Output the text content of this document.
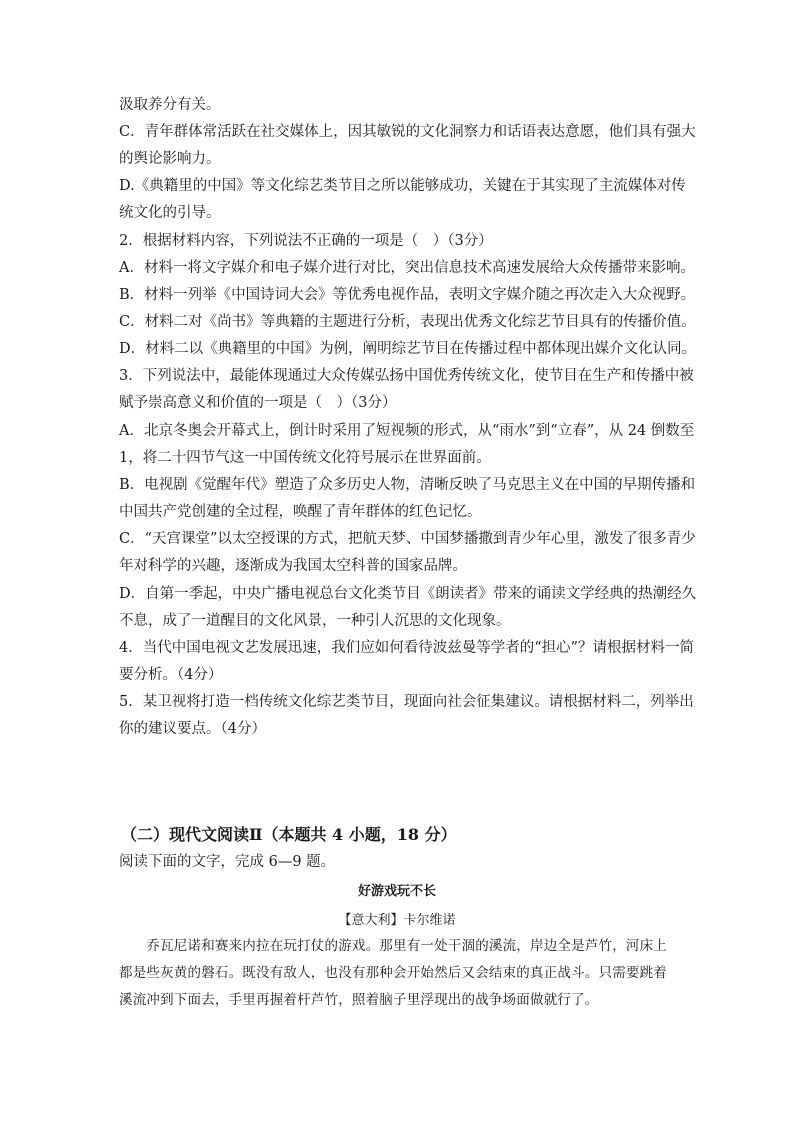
汲取养分有关。
C．青年群体常活跃在社交媒体上，因其敏锐的文化洞察力和话语表达意愿，他们具有强大
的舆论影响力。
D.《典籍里的中国》等文化综艺类节目之所以能够成功，关键在于其实现了主流媒体对传
统文化的引导。
2．根据材料内容，下列说法不正确的一项是（　）（3分）
A．材料一将文字媒介和电子媒介进行对比，突出信息技术高速发展给大众传播带来影响。
B．材料一列举《中国诗词大会》等优秀电视作品，表明文字媒介随之再次走入大众视野。
C．材料二对《尚书》等典籍的主题进行分析，表现出优秀文化综艺节目具有的传播价值。
D．材料二以《典籍里的中国》为例，阐明综艺节目在传播过程中都体现出媒介文化认同。
3．下列说法中，最能体现通过大众传媒弘扬中国优秀传统文化，使节目在生产和传播中被
赋予崇高意义和价值的一项是（　）（3分）
A．北京冬奥会开幕式上，倒计时采用了短视频的形式，从“雨水”到“立春”，从 24 倒数至
1，将二十四节气这一中国传统文化符号展示在世界面前。
B．电视剧《觉醒年代》塑造了众多历史人物，清晰反映了马克思主义在中国的早期传播和
中国共产党创建的全过程，唤醒了青年群体的红色记忆。
C．“天宫课堂”以太空授课的方式，把航天梦、中国梦播撒到青少年心里，激发了很多青少
年对科学的兴趣，逐渐成为我国太空科普的国家品牌。
D．自第一季起，中央广播电视总台文化类节目《朗读者》带来的诵读文学经典的热潮经久
不息，成了一道醒目的文化风景，一种引人沉思的文化现象。
4．当代中国电视文艺发展迅速，我们应如何看待波兹曼等学者的“担心”？请根据材料一简
要分析。（4分）
5．某卫视将打造一档传统文化综艺类节目，现面向社会征集建议。请根据材料二，列举出
你的建议要点。（4分）
（二）现代文阅读Ⅱ（本题共 4 小题，18 分）
阅读下面的文字，完成 6—9 题。
好游戏玩不长
【意大利】卡尔维诺
　　乔瓦尼诺和赛来内拉在玩打仗的游戏。那里有一处干涸的溪流，岸边全是芦竹，河床上
都是些灰黄的磐石。既没有敌人，也没有那种会开始然后又会结束的真正战斗。只需要跳着
溪流冲到下面去，手里再握着杆芦竹，照着脑子里浮现出的战争场面做就行了。
